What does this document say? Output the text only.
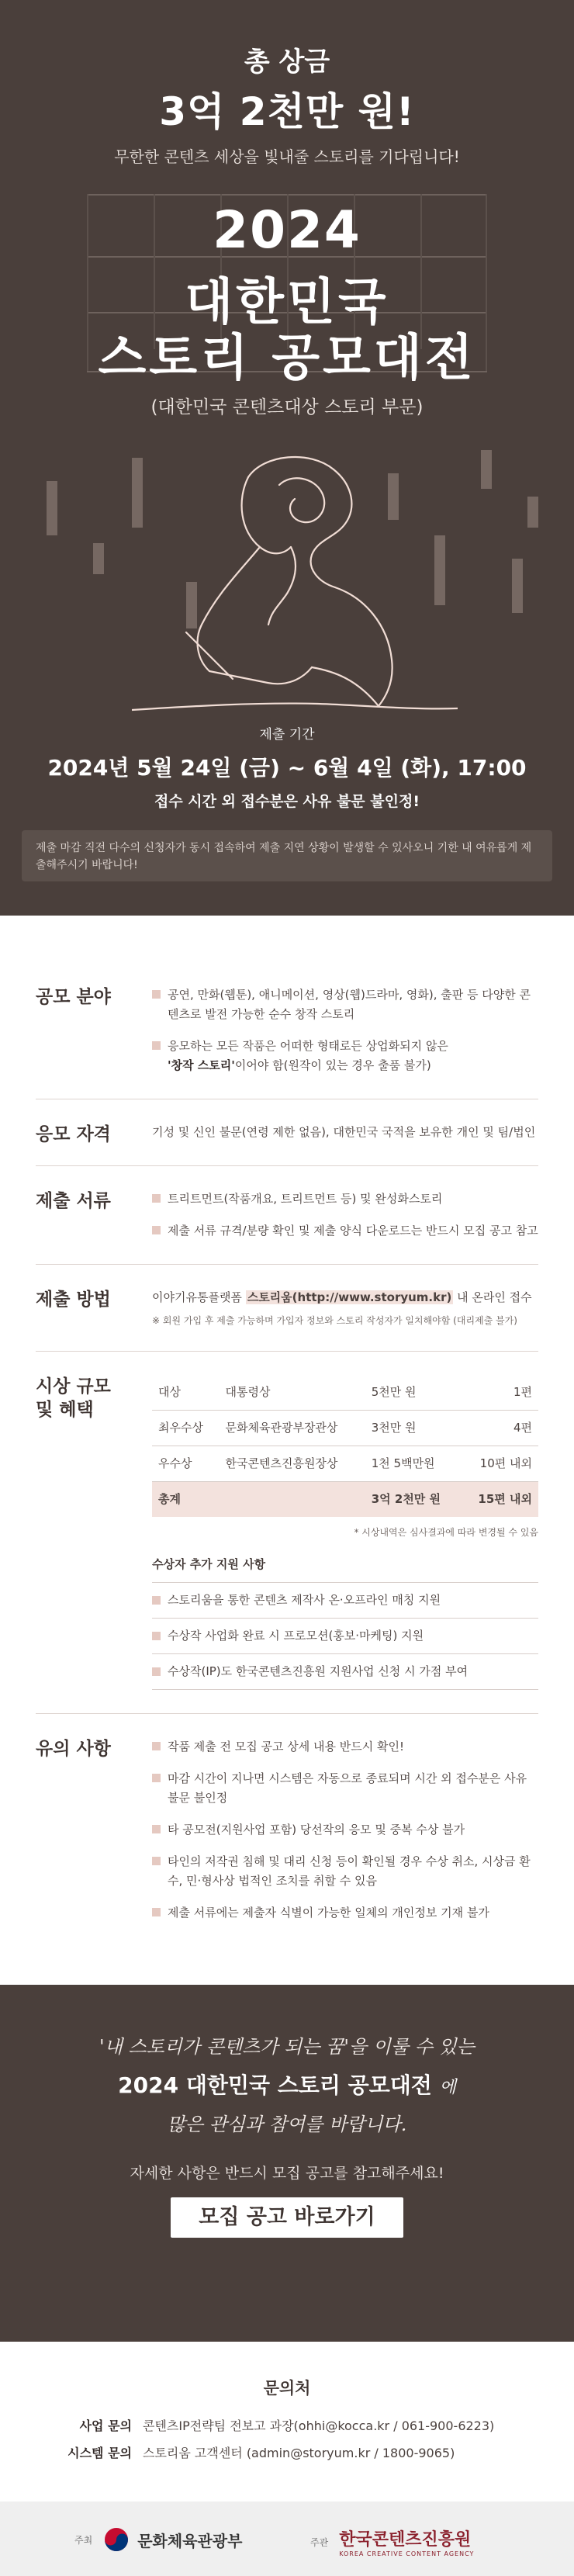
총 상금
3억 2천만 원!
무한한 콘텐츠 세상을 빛내줄 스토리를 기다립니다!
2024
대한민국
스토리 공모대전
(대한민국 콘텐츠대상 스토리 부문)
제출 기간
2024년 5월 24일 (금) ~ 6월 4일 (화), 17:00
접수 시간 외 접수분은 사유 불문 불인정!
제출 마감 직전 다수의 신청자가 동시 접속하여 제출 지연 상황이 발생할 수 있사오니 기한 내 여유롭게 제출해주시기 바랍니다!
공모 분야	공연, 만화(웹툰), 애니메이션, 영상(웹)드라마, 영화), 출판 등 다양한 콘텐츠로 발전 가능한 순수 창작 스토리
응모하는 모든 작품은 어떠한 형태로든 상업화되지 않은
'창작 스토리'이어야 함(원작이 있는 경우 출품 불가)
응모 자격	기성 및 신인 불문(연령 제한 없음), 대한민국 국적을 보유한 개인 및 팀/법인
제출 서류	트리트먼트(작품개요, 트리트먼트 등) 및 완성화스토리
제출 서류 규격/분량 확인 및 제출 양식 다운로드는 반드시 모집 공고 참고
제출 방법	이야기유통플랫폼 스토리움(http://www.storyum.kr) 내 온라인 접수
※ 회원 가입 후 제출 가능하며 가입자 정보와 스토리 작성자가 일치해야함 (대리제출 불가)
시상 규모
및 혜택
대상	대통령상	5천만 원	1편
최우수상	문화체육관광부장관상	3천만 원	4편
우수상	한국콘텐츠진흥원장상	1천 5백만원	10편 내외
총계		3억 2천만 원	15편 내외
* 시상내역은 심사결과에 따라 변경될 수 있음
수상자 추가 지원 사항
스토리움을 통한 콘텐츠 제작사 온·오프라인 매칭 지원
수상작 사업화 완료 시 프로모션(홍보·마케팅) 지원
수상작(IP)도 한국콘텐츠진흥원 지원사업 신청 시 가점 부여
유의 사항	작품 제출 전 모집 공고 상세 내용 반드시 확인!
마감 시간이 지나면 시스템은 자동으로 종료되며 시간 외 접수분은 사유 불문 불인정
타 공모전(지원사업 포함) 당선작의 응모 및 중복 수상 불가
타인의 저작권 침해 및 대리 신청 등이 확인될 경우 수상 취소, 시상금 환수, 민·형사상 법적인 조치를 취할 수 있음
제출 서류에는 제출자 식별이 가능한 일체의 개인정보 기재 불가
'내 스토리가 콘텐츠가 되는 꿈'을 이룰 수 있는
2024 대한민국 스토리 공모대전 에
많은 관심과 참여를 바랍니다.
자세한 사항은 반드시 모집 공고를 참고해주세요!
모집 공고 바로가기
문의처
사업 문의 콘텐츠IP전략팀 전보고 과장(ohhi@kocca.kr / 061-900-6223)
시스템 문의 스토리움 고객센터 (admin@storyum.kr / 1800-9065)
주최	문화체육관광부	주관 한국콘텐츠진흥원
KOREA CREATIVE CONTENT AGENCY
